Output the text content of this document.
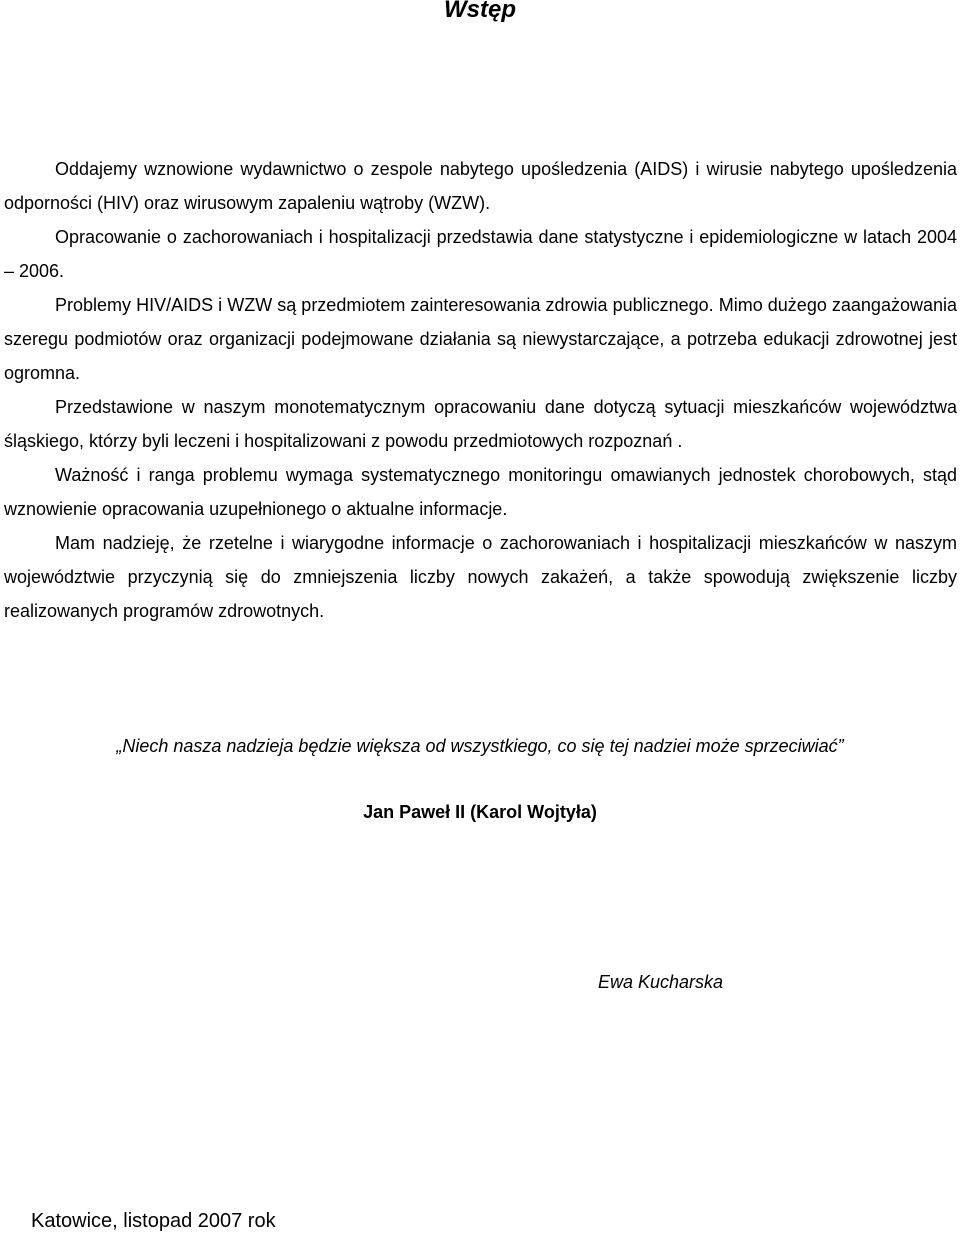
Wstęp

Oddajemy wznowione wydawnictwo o zespole nabytego upośledzenia (AIDS) i wirusie nabytego upośledzenia odporności (HIV) oraz wirusowym zapaleniu wątroby (WZW).

Opracowanie o zachorowaniach i hospitalizacji przedstawia dane statystyczne i epidemiologiczne w latach 2004 – 2006.

Problemy HIV/AIDS i WZW są przedmiotem zainteresowania zdrowia publicznego. Mimo dużego zaangażowania szeregu podmiotów oraz organizacji podejmowane działania są niewystarczające, a potrzeba edukacji zdrowotnej jest ogromna.

Przedstawione w naszym monotematycznym opracowaniu dane dotyczą sytuacji mieszkańców województwa śląskiego, którzy byli leczeni i hospitalizowani z powodu przedmiotowych rozpoznań .

Ważność i ranga problemu wymaga systematycznego monitoringu omawianych jednostek chorobowych, stąd wznowienie opracowania uzupełnionego o aktualne informacje.

Mam nadzieję, że rzetelne i wiarygodne informacje o zachorowaniach i hospitalizacji mieszkańców w naszym województwie przyczynią się do zmniejszenia liczby nowych zakażeń, a także spowodują zwiększenie liczby realizowanych programów zdrowotnych.

„Niech nasza nadzieja będzie większa od wszystkiego, co się tej nadziei może sprzeciwiać”
Jan Paweł II (Karol Wojtyła)
Ewa Kucharska
Katowice, listopad 2007 rok
